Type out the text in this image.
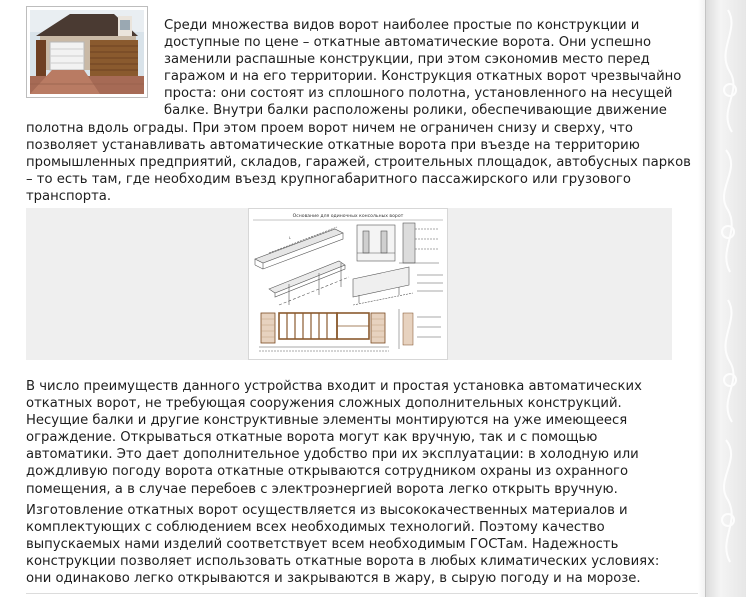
Среди множества видов ворот наиболее простые по конструкции и доступные по цене – откатные автоматические ворота. Они успешно заменили распашные конструкции, при этом сэкономив место перед гаражом и на его территории. Конструкция откатных ворот чрезвычайно проста: они состоят из сплошного полотна, установленного на несущей балке. Внутри балки расположены ролики, обеспечивающие движение полотна вдоль ограды. При этом проем ворот ничем не ограничен снизу и сверху, что позволяет устанавливать автоматические откатные ворота при въезде на территорию промышленных предприятий, складов, гаражей, строительных площадок, автобусных парков – то есть там, где необходим въезд крупногабаритного пассажирского или грузового транспорта.

Основание для одиночных консольных ворот
L

В число преимуществ данного устройства входит и простая установка автоматических откатных ворот, не требующая сооружения сложных дополнительных конструкций. Несущие балки и другие конструктивные элементы монтируются на уже имеющееся ограждение. Открываться откатные ворота могут как вручную, так и с помощью автоматики. Это дает дополнительное удобство при их эксплуатации: в холодную или дождливую погоду ворота откатные открываются сотрудником охраны из охранного помещения, а в случае перебоев с электроэнергией ворота легко открыть вручную.

Изготовление откатных ворот осуществляется из высококачественных материалов и комплектующих с соблюдением всех необходимых технологий. Поэтому качество выпускаемых нами изделий соответствует всем необходимым ГОСТам. Надежность конструкции позволяет использовать откатные ворота в любых климатических условиях: они одинаково легко открываются и закрываются в жару, в сырую погоду и на морозе.
